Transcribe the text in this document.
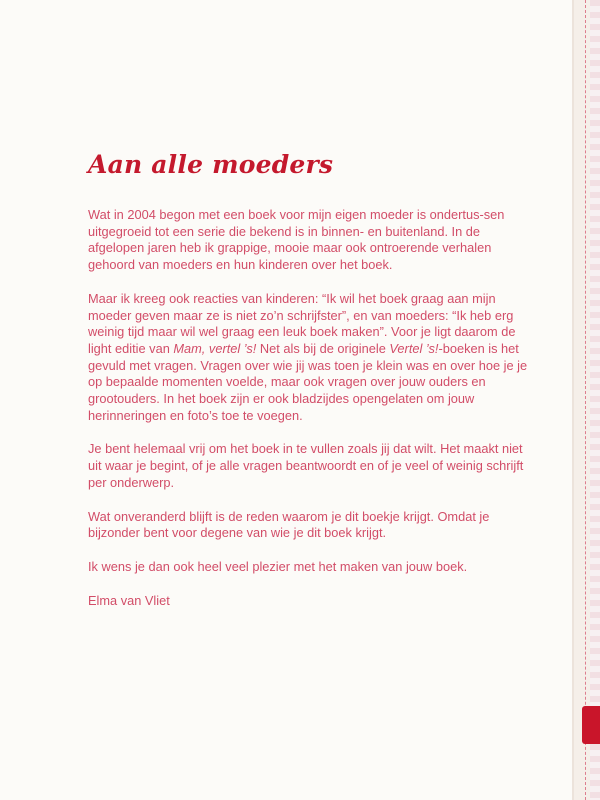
Aan alle moeders

Wat in 2004 begon met een boek voor mijn eigen moeder is ondertus-sen uitgegroeid tot een serie die bekend is in binnen- en buitenland. In de afgelopen jaren heb ik grappige, mooie maar ook ontroerende verhalen gehoord van moeders en hun kinderen over het boek.

Maar ik kreeg ook reacties van kinderen: “Ik wil het boek graag aan mijn moeder geven maar ze is niet zo’n schrijfster”, en van moeders: “Ik heb erg weinig tijd maar wil wel graag een leuk boek maken”. Voor je ligt daarom de light editie van Mam, vertel ’s! Net als bij de originele Vertel ’s!-boeken is het gevuld met vragen. Vragen over wie jij was toen je klein was en over hoe je je op bepaalde momenten voelde, maar ook vragen over jouw ouders en grootouders. In het boek zijn er ook bladzijdes opengelaten om jouw herinneringen en foto’s toe te voegen.

Je bent helemaal vrij om het boek in te vullen zoals jij dat wilt. Het maakt niet uit waar je begint, of je alle vragen beantwoordt en of je veel of weinig schrijft per onderwerp.

Wat onveranderd blijft is de reden waarom je dit boekje krijgt. Omdat je bijzonder bent voor degene van wie je dit boek krijgt.

Ik wens je dan ook heel veel plezier met het maken van jouw boek.

Elma van Vliet
